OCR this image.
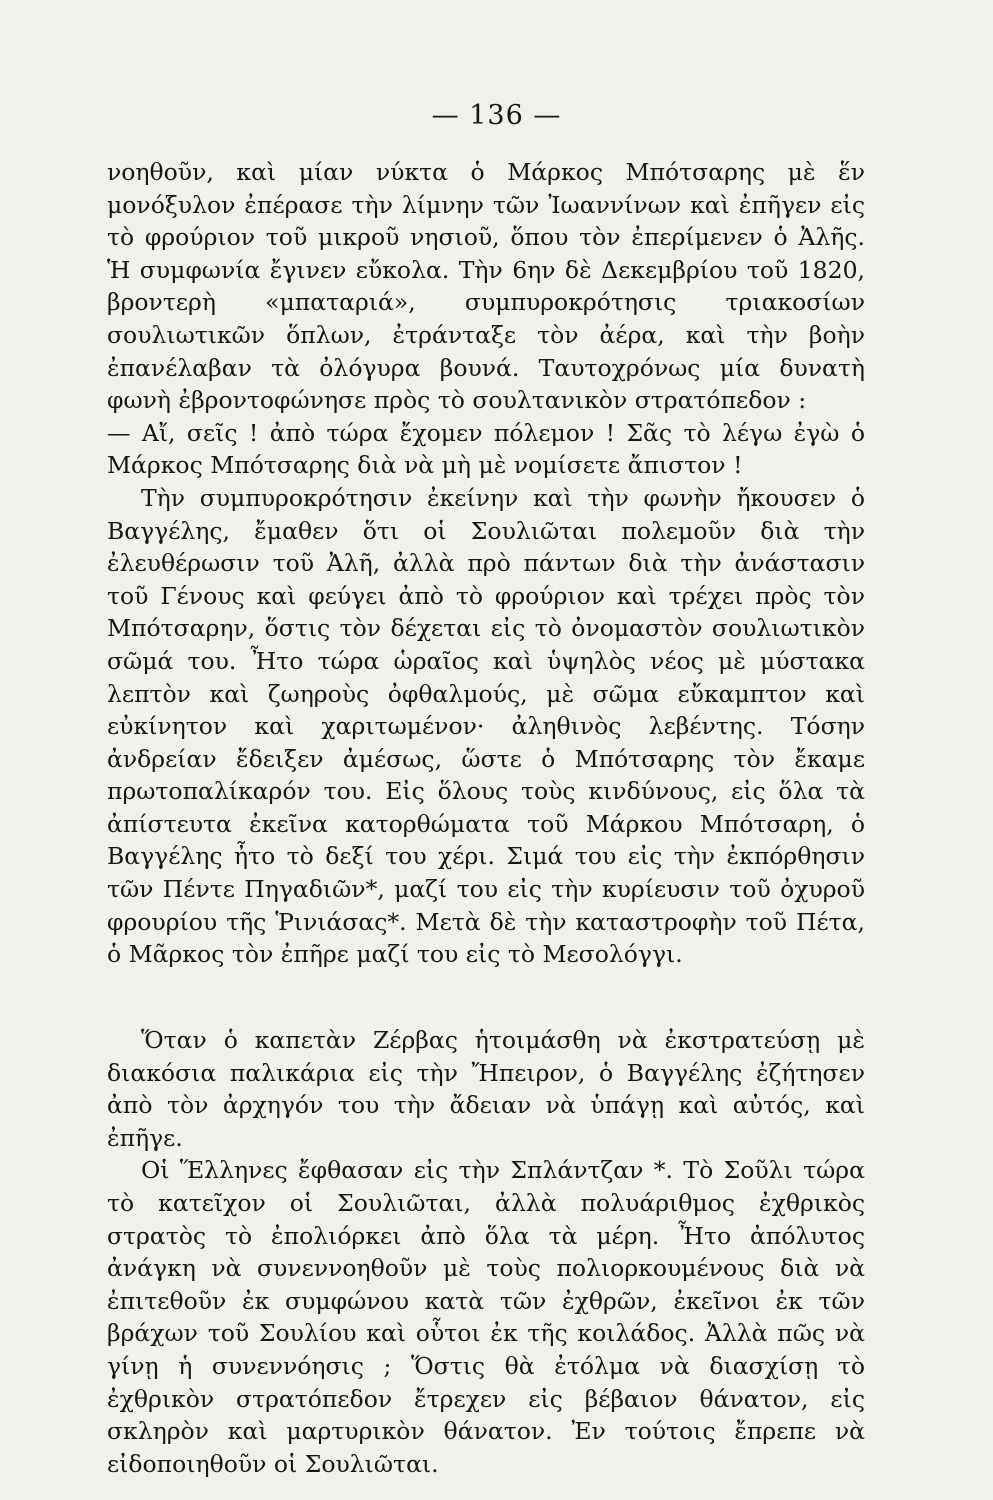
— 136 —

νοηθοῦν, καὶ μίαν νύκτα ὁ Μάρκος Μπότσαρης μὲ ἕν μονόξυλον ἐπέρασε τὴν λίμνην τῶν Ἰωαννίνων καὶ ἐπῆγεν εἰς τὸ φρούριον τοῦ μικροῦ νησιοῦ, ὅπου τὸν ἐπερίμενεν ὁ Ἀλῆς. Ἡ συμφωνία ἔγινεν εὔκολα. Τὴν 6ην δὲ Δεκεμβρίου τοῦ 1820, βροντερὴ «μπαταριά», συμπυροκρότησις τριακοσίων σουλιωτικῶν ὅπλων, ἐτράνταξε τὸν ἀέρα, καὶ τὴν βοὴν ἐπανέλαβαν τὰ ὀλόγυρα βουνά. Ταυτοχρόνως μία δυνατὴ φωνὴ ἐβροντοφώνησε πρὸς τὸ σουλτανικὸν στρατόπεδον :

— Αἴ, σεῖς ! ἀπὸ τώρα ἔχομεν πόλεμον ! Σᾶς τὸ λέγω ἐγὼ ὁ Μάρκος Μπότσαρης διὰ νὰ μὴ μὲ νομίσετε ἄπιστον !

Τὴν συμπυροκρότησιν ἐκείνην καὶ τὴν φωνὴν ἤκουσεν ὁ Βαγγέλης, ἔμαθεν ὅτι οἱ Σουλιῶται πολεμοῦν διὰ τὴν ἐλευθέρωσιν τοῦ Ἀλῆ, ἀλλὰ πρὸ πάντων διὰ τὴν ἀνάστασιν τοῦ Γένους καὶ φεύγει ἀπὸ τὸ φρούριον καὶ τρέχει πρὸς τὸν Μπότσαρην, ὅστις τὸν δέχεται εἰς τὸ ὀνομαστὸν σουλιωτικὸν σῶμά του. Ἦτο τώρα ὡραῖος καὶ ὑψηλὸς νέος μὲ μύστακα λεπτὸν καὶ ζωηροὺς ὀφθαλμούς, μὲ σῶμα εὔκαμπτον καὶ εὐκίνητον καὶ χαριτωμένον· ἀληθινὸς λεβέντης. Τόσην ἀνδρείαν ἔδειξεν ἀμέσως, ὥστε ὁ Μπότσαρης τὸν ἔκαμε πρωτοπαλίκαρόν του. Εἰς ὅλους τοὺς κινδύνους, εἰς ὅλα τὰ ἀπίστευτα ἐκεῖνα κατορθώματα τοῦ Μάρκου Μπότσαρη, ὁ Βαγγέλης ἦτο τὸ δεξί του χέρι. Σιμά του εἰς τὴν ἐκπόρθησιν τῶν Πέντε Πηγαδιῶν*, μαζί του εἰς τὴν κυρίευσιν τοῦ ὀχυροῦ φρουρίου τῆς Ῥινιάσας*. Μετὰ δὲ τὴν καταστροφὴν τοῦ Πέτα, ὁ Μᾶρκος τὸν ἐπῆρε μαζί του εἰς τὸ Μεσολόγγι.

Ὅταν ὁ καπετὰν Ζέρβας ἡτοιμάσθη νὰ ἐκστρατεύσῃ μὲ διακόσια παλικάρια εἰς τὴν Ἤπειρον, ὁ Βαγγέλης ἐζήτησεν ἀπὸ τὸν ἀρχηγόν του τὴν ἄδειαν νὰ ὑπάγῃ καὶ αὐτός, καὶ ἐπῆγε.

Οἱ Ἕλληνες ἔφθασαν εἰς τὴν Σπλάντζαν *. Τὸ Σοῦλι τώρα τὸ κατεῖχον οἱ Σουλιῶται, ἀλλὰ πολυάριθμος ἐχθρικὸς στρατὸς τὸ ἐπολιόρκει ἀπὸ ὅλα τὰ μέρη. Ἦτο ἀπόλυτος ἀνάγκη νὰ συνεννοηθοῦν μὲ τοὺς πολιορκουμένους διὰ νὰ ἐπιτεθοῦν ἐκ συμφώνου κατὰ τῶν ἐχθρῶν, ἐκεῖνοι ἐκ τῶν βράχων τοῦ Σουλίου καὶ οὗτοι ἐκ τῆς κοιλάδος. Ἀλλὰ πῶς νὰ γίνῃ ἡ συνεννόησις ; Ὅστις θὰ ἐτόλμα νὰ διασχίσῃ τὸ ἐχθρικὸν στρατόπεδον ἔτρεχεν εἰς βέβαιον θάνατον, εἰς σκληρὸν καὶ μαρτυρικὸν θάνατον. Ἐν τούτοις ἔπρεπε νὰ εἰδοποιηθοῦν οἱ Σουλιῶται.
